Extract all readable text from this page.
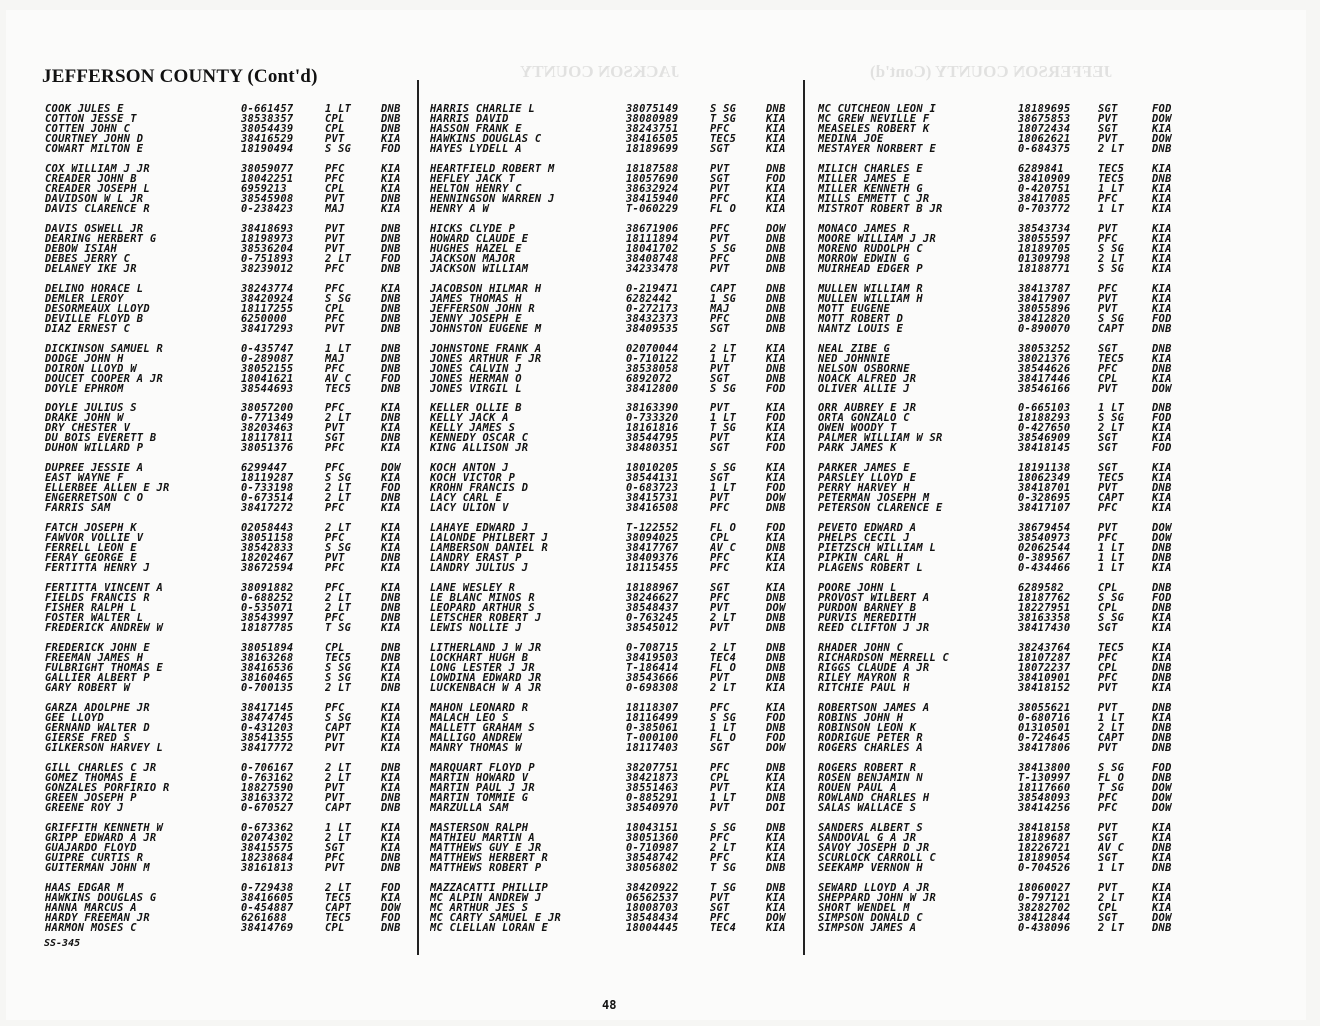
JACKSON COUNTY	JEFFERSON COUNTY (Cont'd)
JEFFERSON COUNTY (Cont'd)
COOK JULES E	0-661457	1 LT	DNB
COTTON JESSE T	38538357	CPL	DNB
COTTEN JOHN C	38054439	CPL	DNB
COURTNEY JOHN D	38416529	PVT	KIA
COWART MILTON E	18190494	S SG	FOD
COX WILLIAM J JR	38059077	PFC	KIA
CREADER JOHN B	18042251	PFC	KIA
CREADER JOSEPH L	6959213	CPL	KIA
DAVIDSON W L JR	38545908	PVT	DNB
DAVIS CLARENCE R	0-238423	MAJ	KIA
DAVIS OSWELL JR	38418693	PVT	DNB
DEARING HERBERT G	18198973	PVT	DNB
DEBOW ISIAH	38536204	PVT	DNB
DEBES JERRY C	0-751893	2 LT	FOD
DELANEY IKE JR	38239012	PFC	DNB
DELINO HORACE L	38243774	PFC	KIA
DEMLER LEROY	38420924	S SG	DNB
DESORMEAUX LLOYD	18117255	CPL	DNB
DEVILLE FLOYD B	6250000	PFC	DNB
DIAZ ERNEST C	38417293	PVT	DNB
DICKINSON SAMUEL R	0-435747	1 LT	DNB
DODGE JOHN H	0-289087	MAJ	DNB
DOIRON LLOYD W	38052155	PFC	DNB
DOUCET COOPER A JR	18041621	AV C	FOD
DOYLE EPHROM	38544693	TEC5	DNB
DOYLE JULIUS S	38057200	PFC	KIA
DRAKE JOHN W	0-771349	2 LT	DNB
DRY CHESTER V	38203463	PVT	KIA
DU BOIS EVERETT B	18117811	SGT	DNB
DUHON WILLARD P	38051376	PFC	KIA
DUPREE JESSIE A	6299447	PFC	DOW
EAST WAYNE F	18119287	S SG	KIA
ELLERBEE ALLEN E JR	0-733198	2 LT	FOD
ENGERRETSON C O	0-673514	2 LT	DNB
FARRIS SAM	38417272	PFC	KIA
FATCH JOSEPH K	02058443	2 LT	KIA
FAWVOR VOLLIE V	38051158	PFC	KIA
FERRELL LEON E	38542833	S SG	KIA
FERAY GEORGE E	18202467	PVT	DNB
FERTITTA HENRY J	38672594	PFC	KIA
FERTITTA VINCENT A	38091882	PFC	KIA
FIELDS FRANCIS R	0-688252	2 LT	DNB
FISHER RALPH L	0-535071	2 LT	DNB
FOSTER WALTER L	38543997	PFC	DNB
FREDERICK ANDREW W	18187785	T SG	KIA
FREDERICK JOHN E	38051894	CPL	DNB
FREEMAN JAMES H	38163268	TEC5	DNB
FULBRIGHT THOMAS E	38416536	S SG	KIA
GALLIER ALBERT P	38160465	S SG	KIA
GARY ROBERT W	0-700135	2 LT	DNB
GARZA ADOLPHE JR	38417145	PFC	KIA
GEE LLOYD	38474745	S SG	KIA
GERNAND WALTER D	0-431203	CAPT	KIA
GIERSE FRED S	38541355	PVT	KIA
GILKERSON HARVEY L	38417772	PVT	KIA
GILL CHARLES C JR	0-706167	2 LT	DNB
GOMEZ THOMAS E	0-763162	2 LT	KIA
GONZALES PORFIRIO R	18827590	PVT	KIA
GREEN JOSEPH P	38163372	PVT	DNB
GREENE ROY J	0-670527	CAPT	DNB
GRIFFITH KENNETH W	0-673362	1 LT	KIA
GRIPP EDWARD A JR	02074302	2 LT	KIA
GUAJARDO FLOYD	38415575	SGT	KIA
GUIPRE CURTIS R	18238684	PFC	DNB
GUITERMAN JOHN M	38161813	PVT	DNB
HAAS EDGAR M	0-729438	2 LT	FOD
HAWKINS DOUGLAS G	38416605	TEC5	KIA
HANNA MARCUS A	0-454887	CAPT	DOW
HARDY FREEMAN JR	6261688	TEC5	FOD
HARMON MOSES C	38414769	CPL	DNB
HARRIS CHARLIE L	38075149	S SG	DNB
HARRIS DAVID	38080989	T SG	KIA
HASSON FRANK E	38243751	PFC	KIA
HAWKINS DOUGLAS C	38416505	TEC5	KIA
HAYES LYDELL A	18189699	SGT	KIA
HEARTFIELD ROBERT M	18187588	PVT	DNB
HEFLEY JACK T	18057690	SGT	FOD
HELTON HENRY C	38632924	PVT	KIA
HENNINGSON WARREN J	38415940	PFC	KIA
HENRY A W	T-060229	FL O	KIA
HICKS CLYDE P	38671906	PFC	DOW
HOWARD CLAUDE E	18111894	PVT	DNB
HUGHES HAZEL E	18041702	S SG	DNB
JACKSON MAJOR	38408748	PFC	DNB
JACKSON WILLIAM	34233478	PVT	DNB
JACOBSON HILMAR H	0-219471	CAPT	DNB
JAMES THOMAS H	6282442	1 SG	DNB
JEFFERSON JOHN R	0-272173	MAJ	DNB
JENNY JOSEPH E	38432373	PFC	DNB
JOHNSTON EUGENE M	38409535	SGT	DNB
JOHNSTONE FRANK A	02070044	2 LT	KIA
JONES ARTHUR F JR	0-710122	1 LT	KIA
JONES CALVIN J	38538058	PVT	DNB
JONES HERMAN O	6892072	SGT	DNB
JONES VIRGIL L	38412800	S SG	FOD
KELLER OLLIE B	38163390	PVT	KIA
KELLY JACK A	0-733320	1 LT	FOD
KELLY JAMES S	18161816	T SG	KIA
KENNEDY OSCAR C	38544795	PVT	KIA
KING ALLISON JR	38480351	SGT	FOD
KOCH ANTON J	18010205	S SG	KIA
KOCH VICTOR P	38544131	SGT	KIA
KROHN FRANCIS D	0-683723	1 LT	FOD
LACY CARL E	38415731	PVT	DOW
LACY ULION V	38416508	PFC	DNB
LAHAYE EDWARD J	T-122552	FL O	FOD
LALONDE PHILBERT J	38094025	CPL	KIA
LAMBERSON DANIEL R	38417767	AV C	DNB
LANDRY ERAST P	38409376	PFC	KIA
LANDRY JULIUS J	18115455	PFC	KIA
LANE WESLEY R	18188967	SGT	KIA
LE BLANC MINOS R	38246627	PFC	DNB
LEOPARD ARTHUR S	38548437	PVT	DOW
LETSCHER ROBERT J	0-763245	2 LT	DNB
LEWIS NOLLIE J	38545012	PVT	DNB
LITHERLAND J W JR	0-708715	2 LT	DNB
LOCKHART HUGH B	38419503	TEC4	DNB
LONG LESTER J JR	T-186414	FL O	DNB
LOWDINA EDWARD JR	38543666	PVT	DNB
LUCKENBACH W A JR	0-698308	2 LT	KIA
MAHON LEONARD R	18118307	PFC	KIA
MALACH LEO S	18116499	S SG	FOD
MALLETT GRAHAM S	0-385061	1 LT	DNB
MALLIGO ANDREW	T-000100	FL O	FOD
MANRY THOMAS W	18117403	SGT	DOW
MARQUART FLOYD P	38207751	PFC	DNB
MARTIN HOWARD V	38421873	CPL	KIA
MARTIN PAUL J JR	38551463	PVT	KIA
MARTIN TOMMIE G	0-885291	1 LT	DNB
MARZULLA SAM	38540970	PVT	DOI
MASTERSON RALPH	18043151	S SG	DNB
MATHIEU MARTIN A	38051360	PFC	KIA
MATTHEWS GUY E JR	0-710987	2 LT	KIA
MATTHEWS HERBERT R	38548742	PFC	KIA
MATTHEWS ROBERT P	38056802	T SG	DNB
MAZZACATTI PHILLIP	38420922	T SG	DNB
MC ALPIN ANDREW J	06562537	PVT	KIA
MC ARTHUR JES S	18008703	SGT	KIA
MC CARTY SAMUEL E JR	38548434	PFC	DOW
MC CLELLAN LORAN E	18004445	TEC4	KIA
MC CUTCHEON LEON I	18189695	SGT	FOD
MC GREW NEVILLE F	38675853	PVT	DOW
MEASELES ROBERT K	18072434	SGT	KIA
MEDINA JOE	18062621	PVT	DOW
MESTAYER NORBERT E	0-684375	2 LT	DNB
MILICH CHARLES E	6289841	TEC5	KIA
MILLER JAMES E	38410909	TEC5	DNB
MILLER KENNETH G	0-420751	1 LT	KIA
MILLS EMMETT C JR	38417085	PFC	KIA
MISTROT ROBERT B JR	0-703772	1 LT	KIA
MONACO JAMES R	38543734	PVT	KIA
MOORE WILLIAM J JR	38055597	PFC	KIA
MORENO RUDOLPH C	18189705	S SG	KIA
MORROW EDWIN G	01309798	2 LT	KIA
MUIRHEAD EDGER P	18188771	S SG	KIA
MULLEN WILLIAM R	38413787	PFC	KIA
MULLEN WILLIAM H	38417907	PVT	KIA
MOTT EUGENE	38055896	PVT	KIA
MOTT ROBERT D	38412820	S SG	FOD
NANTZ LOUIS E	0-890070	CAPT	DNB
NEAL ZIBE G	38053252	SGT	DNB
NED JOHNNIE	38021376	TEC5	KIA
NELSON OSBORNE	38544626	PFC	DNB
NOACK ALFRED JR	38417446	CPL	KIA
OLIVER ALLIE J	38546166	PVT	DOW
ORR AUBREY E JR	0-665103	1 LT	DNB
ORTA GONZALO C	18188293	S SG	FOD
OWEN WOODY T	0-427650	2 LT	KIA
PALMER WILLIAM W SR	38546909	SGT	KIA
PARK JAMES K	38418145	SGT	FOD
PARKER JAMES E	18191138	SGT	KIA
PARSLEY LLOYD E	18062349	TEC5	KIA
PERRY HARVEY H	38418701	PVT	DNB
PETERMAN JOSEPH M	0-328695	CAPT	KIA
PETERSON CLARENCE E	38417107	PFC	KIA
PEVETO EDWARD A	38679454	PVT	DOW
PHELPS CECIL J	38540973	PFC	DOW
PIETZSCH WILLIAM L	02062544	1 LT	DNB
PIPKIN CARL H	0-389567	1 LT	DNB
PLAGENS ROBERT L	0-434466	1 LT	KIA
POORE JOHN L	6289582	CPL	DNB
PROVOST WILBERT A	18187762	S SG	FOD
PURDON BARNEY B	18227951	CPL	DNB
PURVIS MEREDITH	38163358	S SG	KIA
REED CLIFTON J JR	38417430	SGT	KIA
RHADER JOHN C	38243764	TEC5	KIA
RICHARDSON MERRELL C	18107287	PFC	KIA
RIGGS CLAUDE A JR	18072237	CPL	DNB
RILEY MAYRON R	38410901	PFC	DNB
RITCHIE PAUL H	38418152	PVT	KIA
ROBERTSON JAMES A	38055621	PVT	DNB
ROBINS JOHN H	0-680716	1 LT	KIA
ROBINSON LEON K	01310501	2 LT	DNB
RODRIGUE PETER R	0-724645	CAPT	DNB
ROGERS CHARLES A	38417806	PVT	DNB
ROGERS ROBERT R	38413800	S SG	FOD
ROSEN BENJAMIN N	T-130997	FL O	DNB
ROUEN PAUL A	18117660	T SG	DOW
ROWLAND CHARLES H	38548093	PFC	DOW
SALAS WALLACE S	38414256	PFC	DOW
SANDERS ALBERT S	38418158	PVT	KIA
SANDOVAL G A JR	18189687	SGT	KIA
SAVOY JOSEPH D JR	18226721	AV C	DNB
SCURLOCK CARROLL C	18189054	SGT	KIA
SEEKAMP VERNON H	0-704526	1 LT	DNB
SEWARD LLOYD A JR	18060027	PVT	KIA
SHEPPARD JOHN W JR	0-797121	2 LT	KIA
SHORT WENDEL M	38282702	CPL	KIA
SIMPSON DONALD C	38412844	SGT	DOW
SIMPSON JAMES A	0-438096	2 LT	DNB
SS-345
48
